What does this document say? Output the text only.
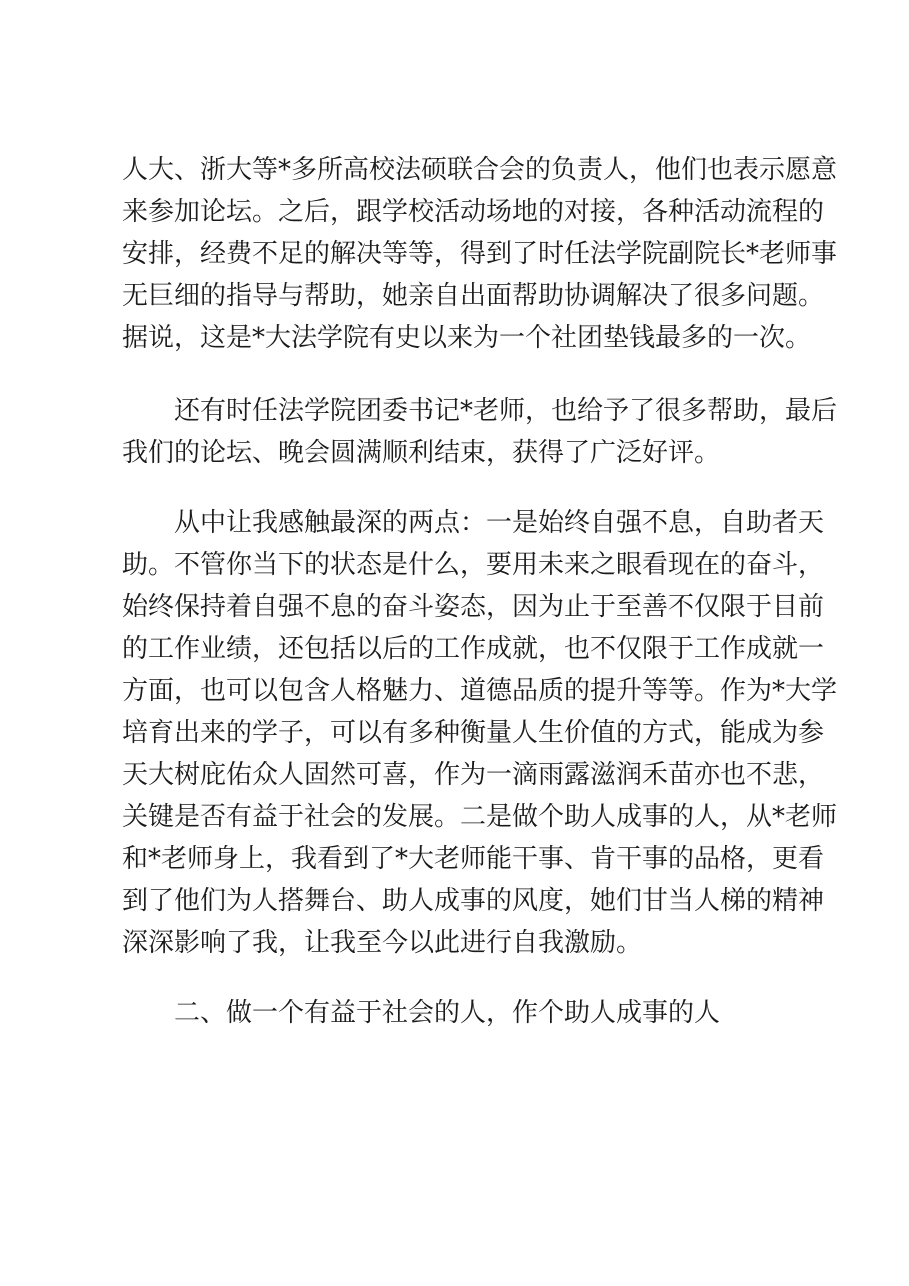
人大、浙大等*多所高校法硕联合会的负责人，他们也表示愿意
来参加论坛。之后，跟学校活动场地的对接，各种活动流程的
安排，经费不足的解决等等，得到了时任法学院副院长*老师事
无巨细的指导与帮助，她亲自出面帮助协调解决了很多问题。
据说，这是*大法学院有史以来为一个社团垫钱最多的一次。
还有时任法学院团委书记*老师，也给予了很多帮助，最后
我们的论坛、晚会圆满顺利结束，获得了广泛好评。
从中让我感触最深的两点：一是始终自强不息，自助者天
助。不管你当下的状态是什么，要用未来之眼看现在的奋斗，
始终保持着自强不息的奋斗姿态，因为止于至善不仅限于目前
的工作业绩，还包括以后的工作成就，也不仅限于工作成就一
方面，也可以包含人格魅力、道德品质的提升等等。作为*大学
培育出来的学子，可以有多种衡量人生价值的方式，能成为参
天大树庇佑众人固然可喜，作为一滴雨露滋润禾苗亦也不悲，
关键是否有益于社会的发展。二是做个助人成事的人，从*老师
和*老师身上，我看到了*大老师能干事、肯干事的品格，更看
到了他们为人搭舞台、助人成事的风度，她们甘当人梯的精神
深深影响了我，让我至今以此进行自我激励。
二、做一个有益于社会的人，作个助人成事的人
